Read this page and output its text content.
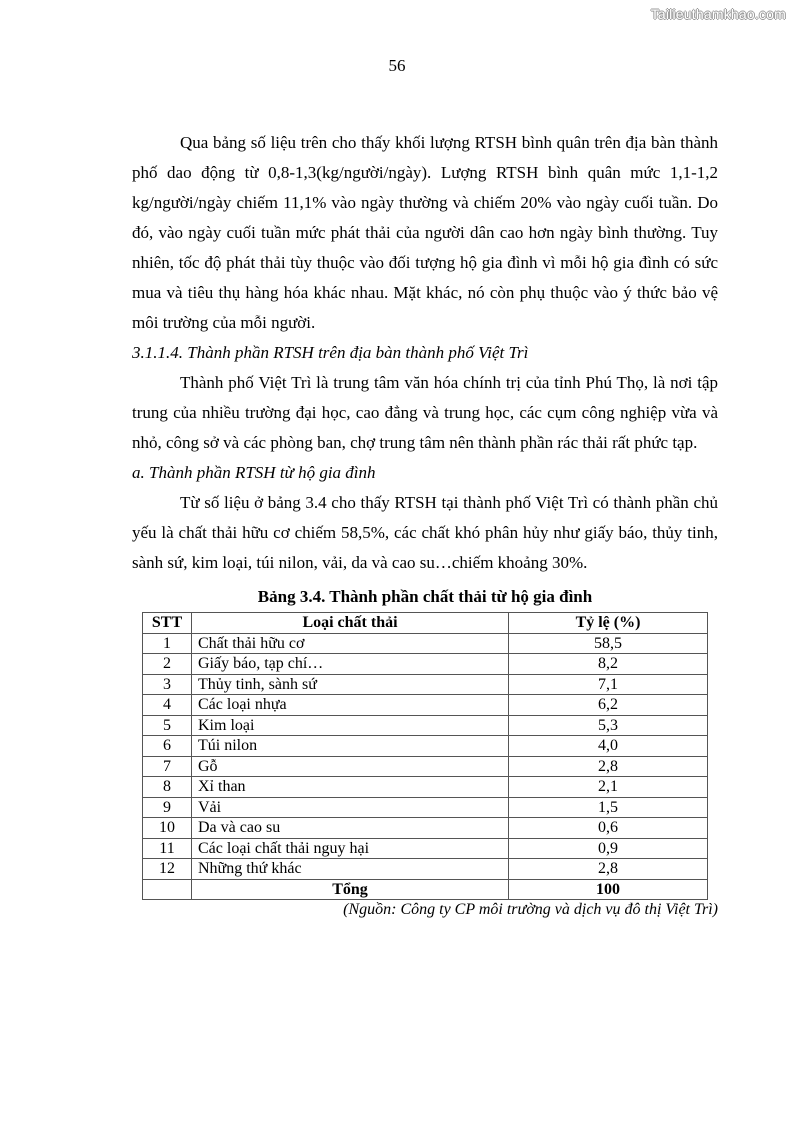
Tailieuthamkhao.com
56

Qua bảng số liệu trên cho thấy khối lượng RTSH bình quân trên địa bàn thành phố dao động từ 0,8-1,3(kg/người/ngày). Lượng RTSH bình quân mức 1,1-1,2 kg/người/ngày chiếm 11,1% vào ngày thường và chiếm 20% vào ngày cuối tuần. Do đó, vào ngày cuối tuần mức phát thải của người dân cao hơn ngày bình thường. Tuy nhiên, tốc độ phát thải tùy thuộc vào đối tượng hộ gia đình vì mỗi hộ gia đình có sức mua và tiêu thụ hàng hóa khác nhau. Mặt khác, nó còn phụ thuộc vào ý thức bảo vệ môi trường của mỗi người.

3.1.1.4. Thành phần RTSH trên địa bàn thành phố Việt Trì

Thành phố Việt Trì là trung tâm văn hóa chính trị của tỉnh Phú Thọ, là nơi tập trung của nhiều trường đại học, cao đẳng và trung học, các cụm công nghiệp vừa và nhỏ, công sở và các phòng ban, chợ trung tâm nên thành phần rác thải rất phức tạp.

a. Thành phần RTSH từ hộ gia đình

Từ số liệu ở bảng 3.4 cho thấy RTSH tại thành phố Việt Trì có thành phần chủ yếu là chất thải hữu cơ chiếm 58,5%, các chất khó phân hủy như giấy báo, thủy tinh, sành sứ, kim loại, túi nilon, vải, da và cao su…chiếm khoảng 30%.

Bảng 3.4. Thành phần chất thải từ hộ gia đình
STT	Loại chất thải	Tỷ lệ (%)
1	Chất thải hữu cơ	58,5
2	Giấy báo, tạp chí…	8,2
3	Thủy tinh, sành sứ	7,1
4	Các loại nhựa	6,2
5	Kim loại	5,3
6	Túi nilon	4,0
7	Gỗ	2,8
8	Xỉ than	2,1
9	Vải	1,5
10	Da và cao su	0,6
11	Các loại chất thải nguy hại	0,9
12	Những thứ khác	2,8
	Tổng	100
(Nguồn: Công ty CP môi trường và dịch vụ đô thị Việt Trì)
